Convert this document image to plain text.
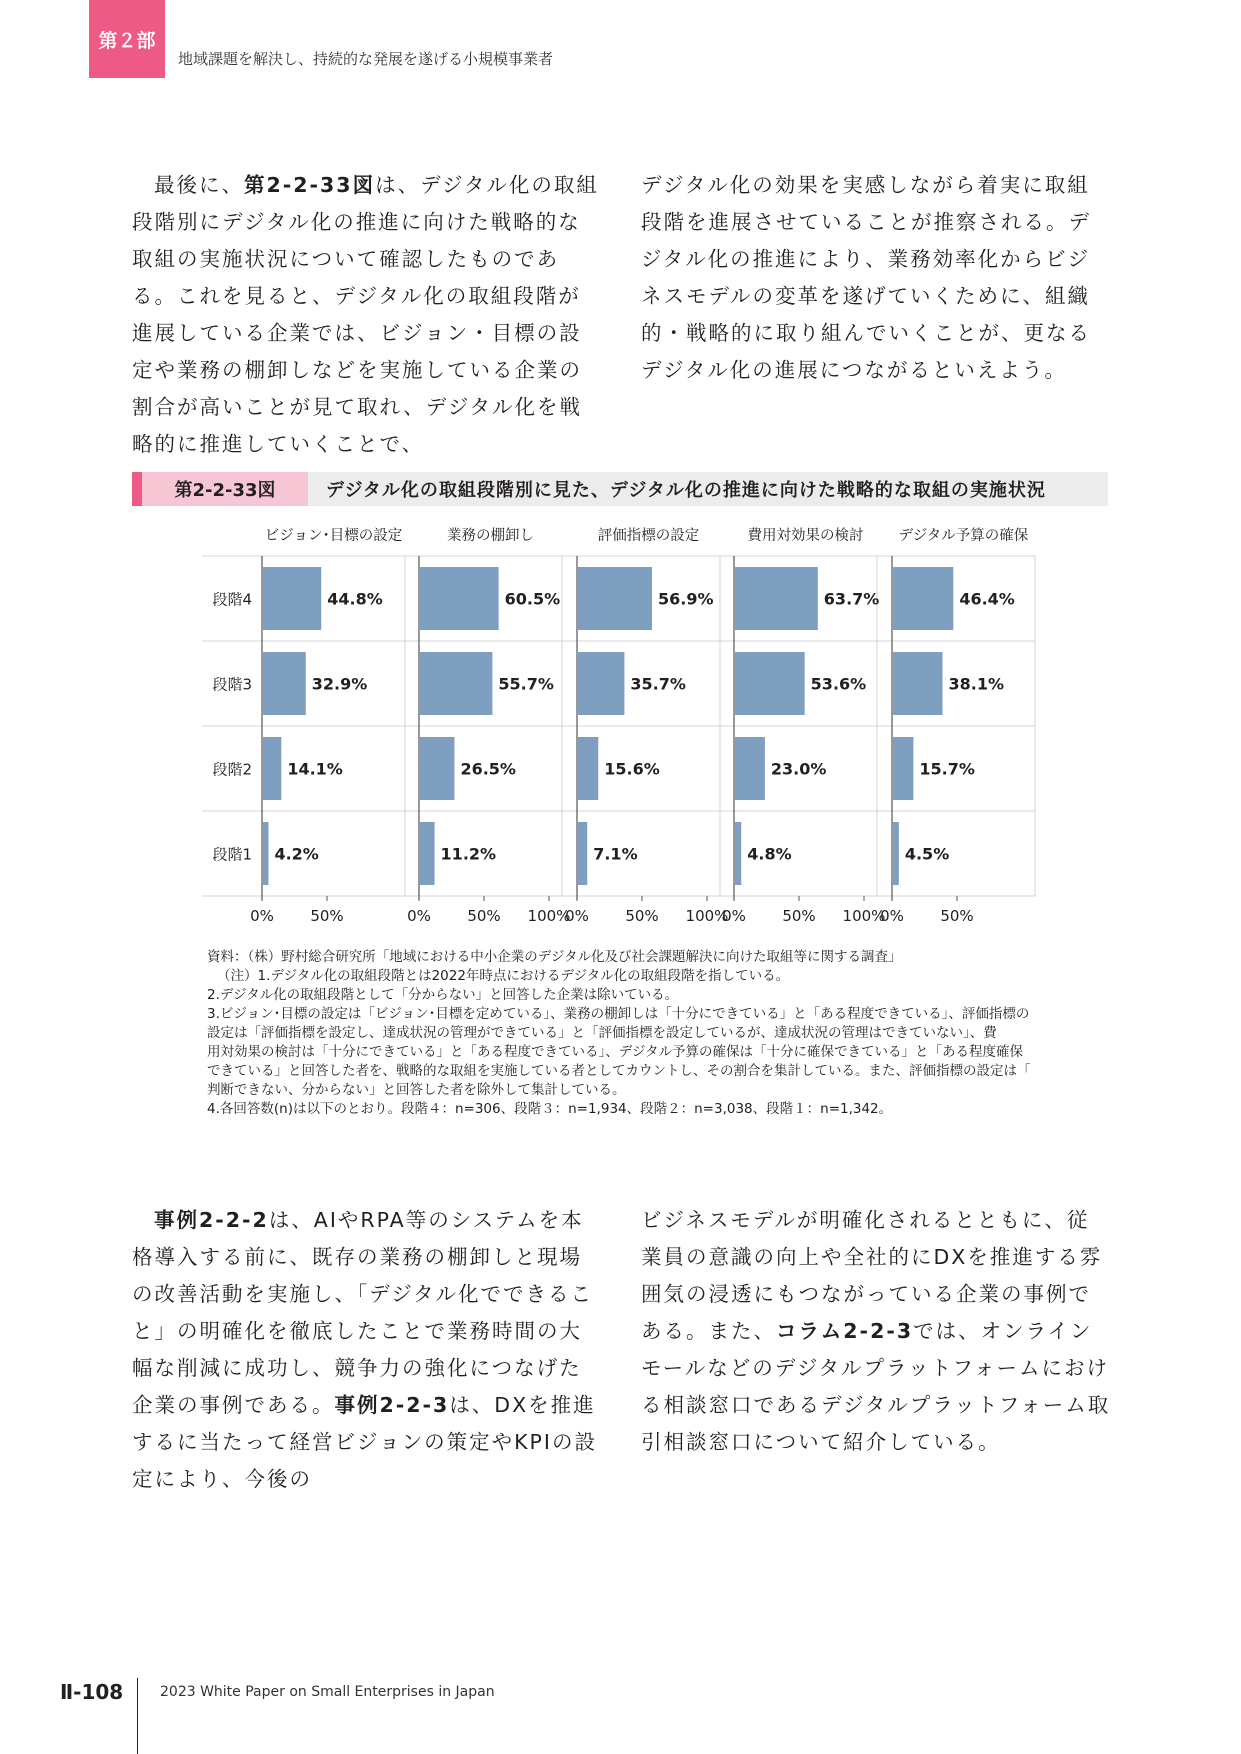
第２部
地域課題を解決し、持続的な発展を遂げる小規模事業者

最後に、第2-2-33図は、デジタル化の取組段階別にデジタル化の推進に向けた戦略的な取組の実施状況について確認したものである。これを見ると、デジタル化の取組段階が進展している企業では、ビジョン・目標の設定や業務の棚卸しなどを実施している企業の割合が高いことが見て取れ、デジタル化を戦略的に推進していくことで、

デジタル化の効果を実感しながら着実に取組段階を進展させていることが推察される。デジタル化の推進により、業務効率化からビジネスモデルの変革を遂げていくために、組織的・戦略的に取り組んでいくことが、更なるデジタル化の進展につながるといえよう。

第2-2-33図	デジタル化の取組段階別に見た、デジタル化の推進に向けた戦略的な取組の実施状況
段階4
段階3
段階2
段階1
ビジョン･目標の設定
0% 50%
44.8%
32.9%
14.1%
4.2%
業務の棚卸し
0% 50% 100%
60.5%
55.7%
26.5%
11.2%
評価指標の設定
0% 50% 100%
56.9%
35.7%
15.6%
7.1%
費用対効果の検討
0% 50% 100%
63.7%
53.6%
23.0%
4.8%
デジタル予算の確保
0% 50%
46.4%
38.1%
15.7%
4.5%
資料：（株）野村総合研究所「地域における中小企業のデジタル化及び社会課題解決に向けた取組等に関する調査」
（注）1.デジタル化の取組段階とは2022年時点におけるデジタル化の取組段階を指している。
2.デジタル化の取組段階として「分からない」と回答した企業は除いている。
3.ビジョン･目標の設定は「ビジョン･目標を定めている」、業務の棚卸しは「十分にできている」と「ある程度できている」、評価指標の
設定は「評価指標を設定し、達成状況の管理ができている」と「評価指標を設定しているが、達成状況の管理はできていない」、費
用対効果の検討は「十分にできている」と「ある程度できている」、デジタル予算の確保は「十分に確保できている」と「ある程度確保
できている」と回答した者を、戦略的な取組を実施している者としてカウントし、その割合を集計している。また、評価指標の設定は「
判断できない、分からない」と回答した者を除外して集計している。
4.各回答数(n)は以下のとおり。段階４：n=306、段階３：n=1,934、段階２：n=3,038、段階１：n=1,342。

事例2-2-2は、AIやRPA等のシステムを本格導入する前に、既存の業務の棚卸しと現場の改善活動を実施し、「デジタル化でできること」の明確化を徹底したことで業務時間の大幅な削減に成功し、競争力の強化につなげた企業の事例である。事例2-2-3は、DXを推進するに当たって経営ビジョンの策定やKPIの設定により、今後の

ビジネスモデルが明確化されるとともに、従業員の意識の向上や全社的にDXを推進する雰囲気の浸透にもつながっている企業の事例である。また、コラム2-2-3では、オンラインモールなどのデジタルプラットフォームにおける相談窓口であるデジタルプラットフォーム取引相談窓口について紹介している。

Ⅱ-108	2023 White Paper on Small Enterprises in Japan
